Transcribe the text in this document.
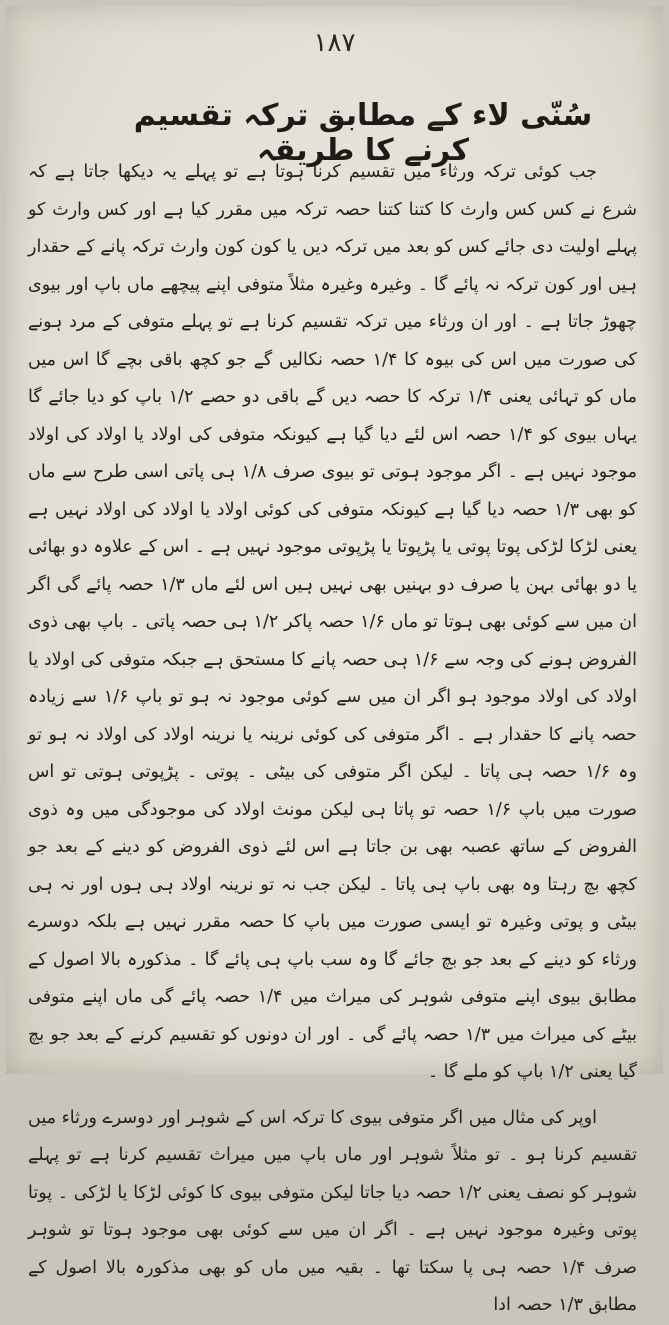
۱۸۷
سُنّی لاء کے مطابق ترکہ تقسیم کرنے کا طریقہ

جب کوئی ترکہ ورثاء میں تقسیم کرنا ہوتا ہے تو پہلے یہ دیکھا جاتا ہے کہ شرع نے کس کس وارث کا کتنا کتنا حصہ ترکہ میں مقرر کیا ہے اور کس وارث کو پہلے اولیت دی جائے کس کو بعد میں ترکہ دیں یا کون کون وارث ترکہ پانے کے حقدار ہیں اور کون ترکہ نہ پائے گا ۔ وغیرہ وغیرہ مثلاً متوفی اپنے پیچھے ماں باپ اور بیوی چھوڑ جاتا ہے ۔ اور ان ورثاء میں ترکہ تقسیم کرنا ہے تو پہلے متوفی کے مرد ہونے کی صورت میں اس کی بیوہ کا ۱/۴ حصہ نکالیں گے جو کچھ باقی بچے گا اس میں ماں کو تہائی یعنی ۱/۴ ترکہ کا حصہ دیں گے باقی دو حصے ۱/۲ باپ کو دیا جائے گا یہاں بیوی کو ۱/۴ حصہ اس لئے دیا گیا ہے کیونکہ متوفی کی اولاد یا اولاد کی اولاد موجود نہیں ہے ۔ اگر موجود ہوتی تو بیوی صرف ۱/۸ ہی پاتی اسی طرح سے ماں کو بھی ۱/۳ حصہ دیا گیا ہے کیونکہ متوفی کی کوئی اولاد یا اولاد کی اولاد نہیں ہے یعنی لڑکا لڑکی پوتا پوتی یا پڑپوتا یا پڑپوتی موجود نہیں ہے ۔ اس کے علاوہ دو بھائی یا دو بھائی بہن یا صرف دو بہنیں بھی نہیں ہیں اس لئے ماں ۱/۳ حصہ پائے گی اگر ان میں سے کوئی بھی ہوتا تو ماں ۱/۶ حصہ پاکر ۱/۲ ہی حصہ پاتی ۔ باپ بھی ذوی الفروض ہونے کی وجہ سے ۱/۶ ہی حصہ پانے کا مستحق ہے جبکہ متوفی کی اولاد یا اولاد کی اولاد موجود ہو اگر ان میں سے کوئی موجود نہ ہو تو باپ ۱/۶ سے زیادہ حصہ پانے کا حقدار ہے ۔ اگر متوفی کی کوئی نرینہ یا نرینہ اولاد کی اولاد نہ ہو تو وہ ۱/۶ حصہ ہی پاتا ۔ لیکن اگر متوفی کی بیٹی ۔ پوتی ۔ پڑپوتی ہوتی تو اس صورت میں باپ ۱/۶ حصہ تو پاتا ہی لیکن مونث اولاد کی موجودگی میں وہ ذوی الفروض کے ساتھ عصبہ بھی بن جاتا ہے اس لئے ذوی الفروض کو دینے کے بعد جو کچھ بچ رہتا وہ بھی باپ ہی پاتا ۔ لیکن جب نہ تو نرینہ اولاد ہی ہوں اور نہ ہی بیٹی و پوتی وغیرہ تو ایسی صورت میں باپ کا حصہ مقرر نہیں ہے بلکہ دوسرے ورثاء کو دینے کے بعد جو بچ جائے گا وہ سب باپ ہی پائے گا ۔ مذکورہ بالا اصول کے مطابق بیوی اپنے متوفی شوہر کی میراث میں ۱/۴ حصہ پائے گی ماں اپنے متوفی بیٹے کی میراث میں ۱/۳ حصہ پائے گی ۔ اور ان دونوں کو تقسیم کرنے کے بعد جو بچ گیا یعنی ۱/۲ باپ کو ملے گا ۔

اوپر کی مثال میں اگر متوفی بیوی کا ترکہ اس کے شوہر اور دوسرے ورثاء میں تقسیم کرنا ہو ۔ تو مثلاً شوہر اور ماں باپ میں میراث تقسیم کرنا ہے تو پہلے شوہر کو نصف یعنی ۱/۲ حصہ دیا جاتا لیکن متوفی بیوی کا کوئی لڑکا یا لڑکی ۔ پوتا پوتی وغیرہ موجود نہیں ہے ۔ اگر ان میں سے کوئی بھی موجود ہوتا تو شوہر صرف ۱/۴ حصہ ہی پا سکتا تھا ۔ بقیہ میں ماں کو بھی مذکورہ بالا اصول کے مطابق ۱/۳ حصہ ادا
